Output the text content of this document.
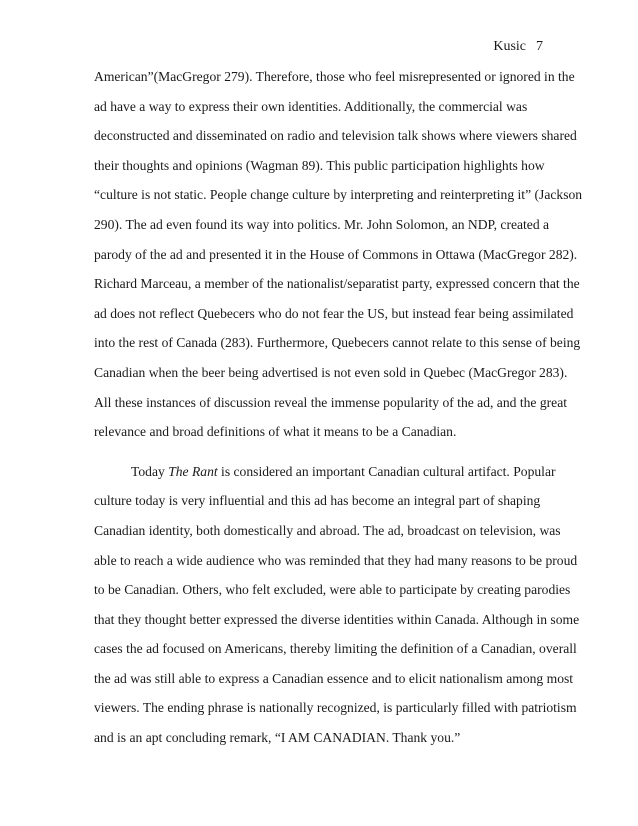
Kusic 7
American”(MacGregor 279). Therefore, those who feel misrepresented or ignored in the
ad have a way to express their own identities. Additionally, the commercial was
deconstructed and disseminated on radio and television talk shows where viewers shared
their thoughts and opinions (Wagman 89). This public participation highlights how
“culture is not static. People change culture by interpreting and reinterpreting it” (Jackson
290). The ad even found its way into politics. Mr. John Solomon, an NDP, created a
parody of the ad and presented it in the House of Commons in Ottawa (MacGregor 282).
Richard Marceau, a member of the nationalist/separatist party, expressed concern that the
ad does not reflect Quebecers who do not fear the US, but instead fear being assimilated
into the rest of Canada (283). Furthermore, Quebecers cannot relate to this sense of being
Canadian when the beer being advertised is not even sold in Quebec (MacGregor 283).
All these instances of discussion reveal the immense popularity of the ad, and the great
relevance and broad definitions of what it means to be a Canadian.
Today The Rant is considered an important Canadian cultural artifact. Popular
culture today is very influential and this ad has become an integral part of shaping
Canadian identity, both domestically and abroad. The ad, broadcast on television, was
able to reach a wide audience who was reminded that they had many reasons to be proud
to be Canadian. Others, who felt excluded, were able to participate by creating parodies
that they thought better expressed the diverse identities within Canada. Although in some
cases the ad focused on Americans, thereby limiting the definition of a Canadian, overall
the ad was still able to express a Canadian essence and to elicit nationalism among most
viewers. The ending phrase is nationally recognized, is particularly filled with patriotism
and is an apt concluding remark, “I AM CANADIAN. Thank you.”
